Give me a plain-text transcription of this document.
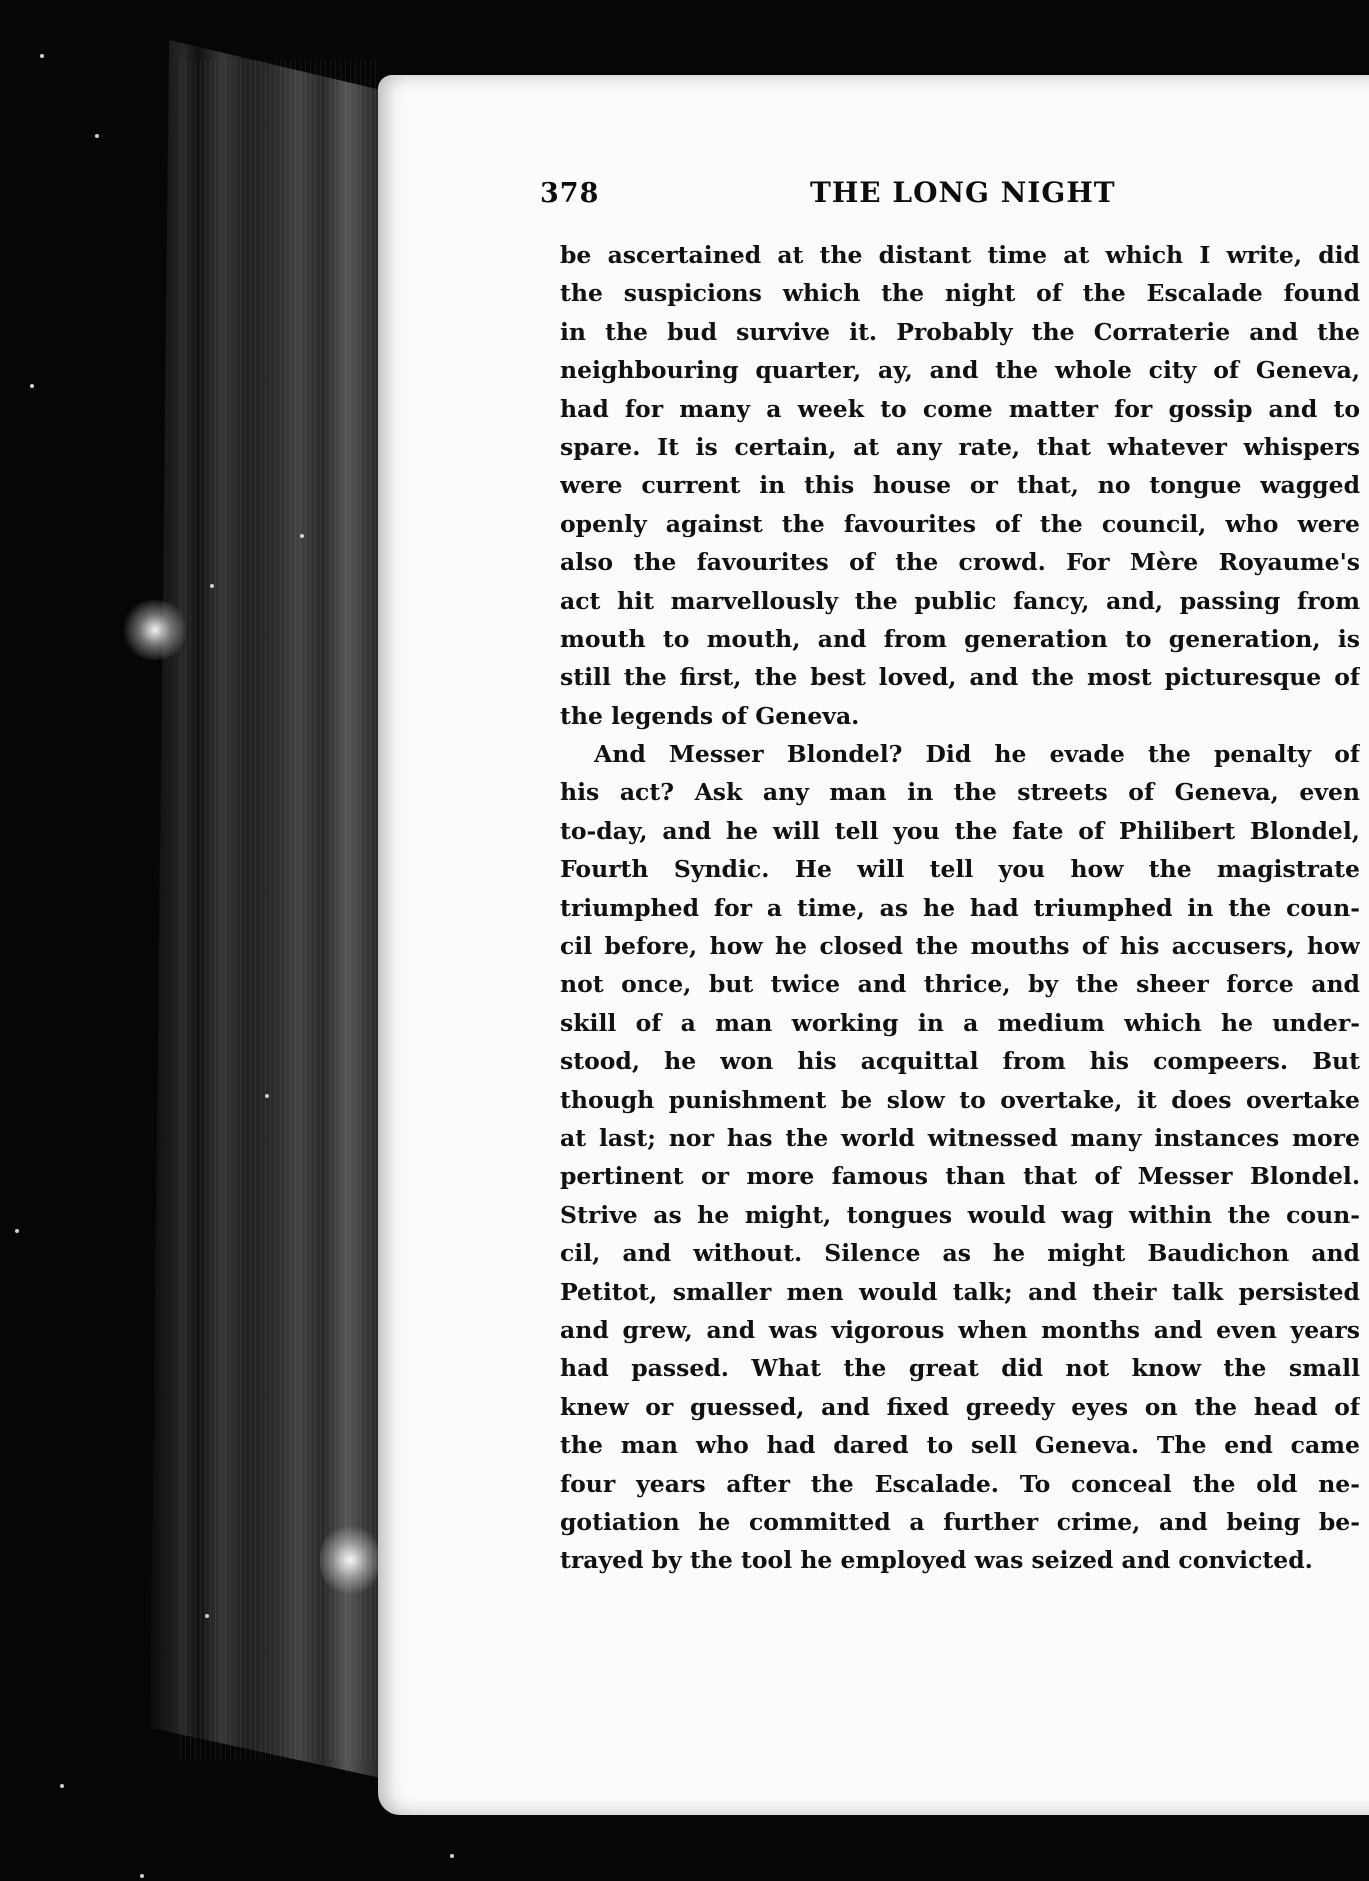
378	THE LONG NIGHT
be ascertained at the distant time at which I write, did
the suspicions which the night of the Escalade found
in the bud survive it. Probably the Corraterie and the
neighbouring quarter, ay, and the whole city of Geneva,
had for many a week to come matter for gossip and to
spare. It is certain, at any rate, that whatever whispers
were current in this house or that, no tongue wagged
openly against the favourites of the council, who were
also the favourites of the crowd. For Mère Royaume's
act hit marvellously the public fancy, and, passing from
mouth to mouth, and from generation to generation, is
still the first, the best loved, and the most picturesque of
the legends of Geneva.
And Messer Blondel? Did he evade the penalty of
his act? Ask any man in the streets of Geneva, even
to-day, and he will tell you the fate of Philibert Blondel,
Fourth Syndic. He will tell you how the magistrate
triumphed for a time, as he had triumphed in the coun-
cil before, how he closed the mouths of his accusers, how
not once, but twice and thrice, by the sheer force and
skill of a man working in a medium which he under-
stood, he won his acquittal from his compeers. But
though punishment be slow to overtake, it does overtake
at last; nor has the world witnessed many instances more
pertinent or more famous than that of Messer Blondel.
Strive as he might, tongues would wag within the coun-
cil, and without. Silence as he might Baudichon and
Petitot, smaller men would talk; and their talk persisted
and grew, and was vigorous when months and even years
had passed. What the great did not know the small
knew or guessed, and fixed greedy eyes on the head of
the man who had dared to sell Geneva. The end came
four years after the Escalade. To conceal the old ne-
gotiation he committed a further crime, and being be-
trayed by the tool he employed was seized and convicted.
